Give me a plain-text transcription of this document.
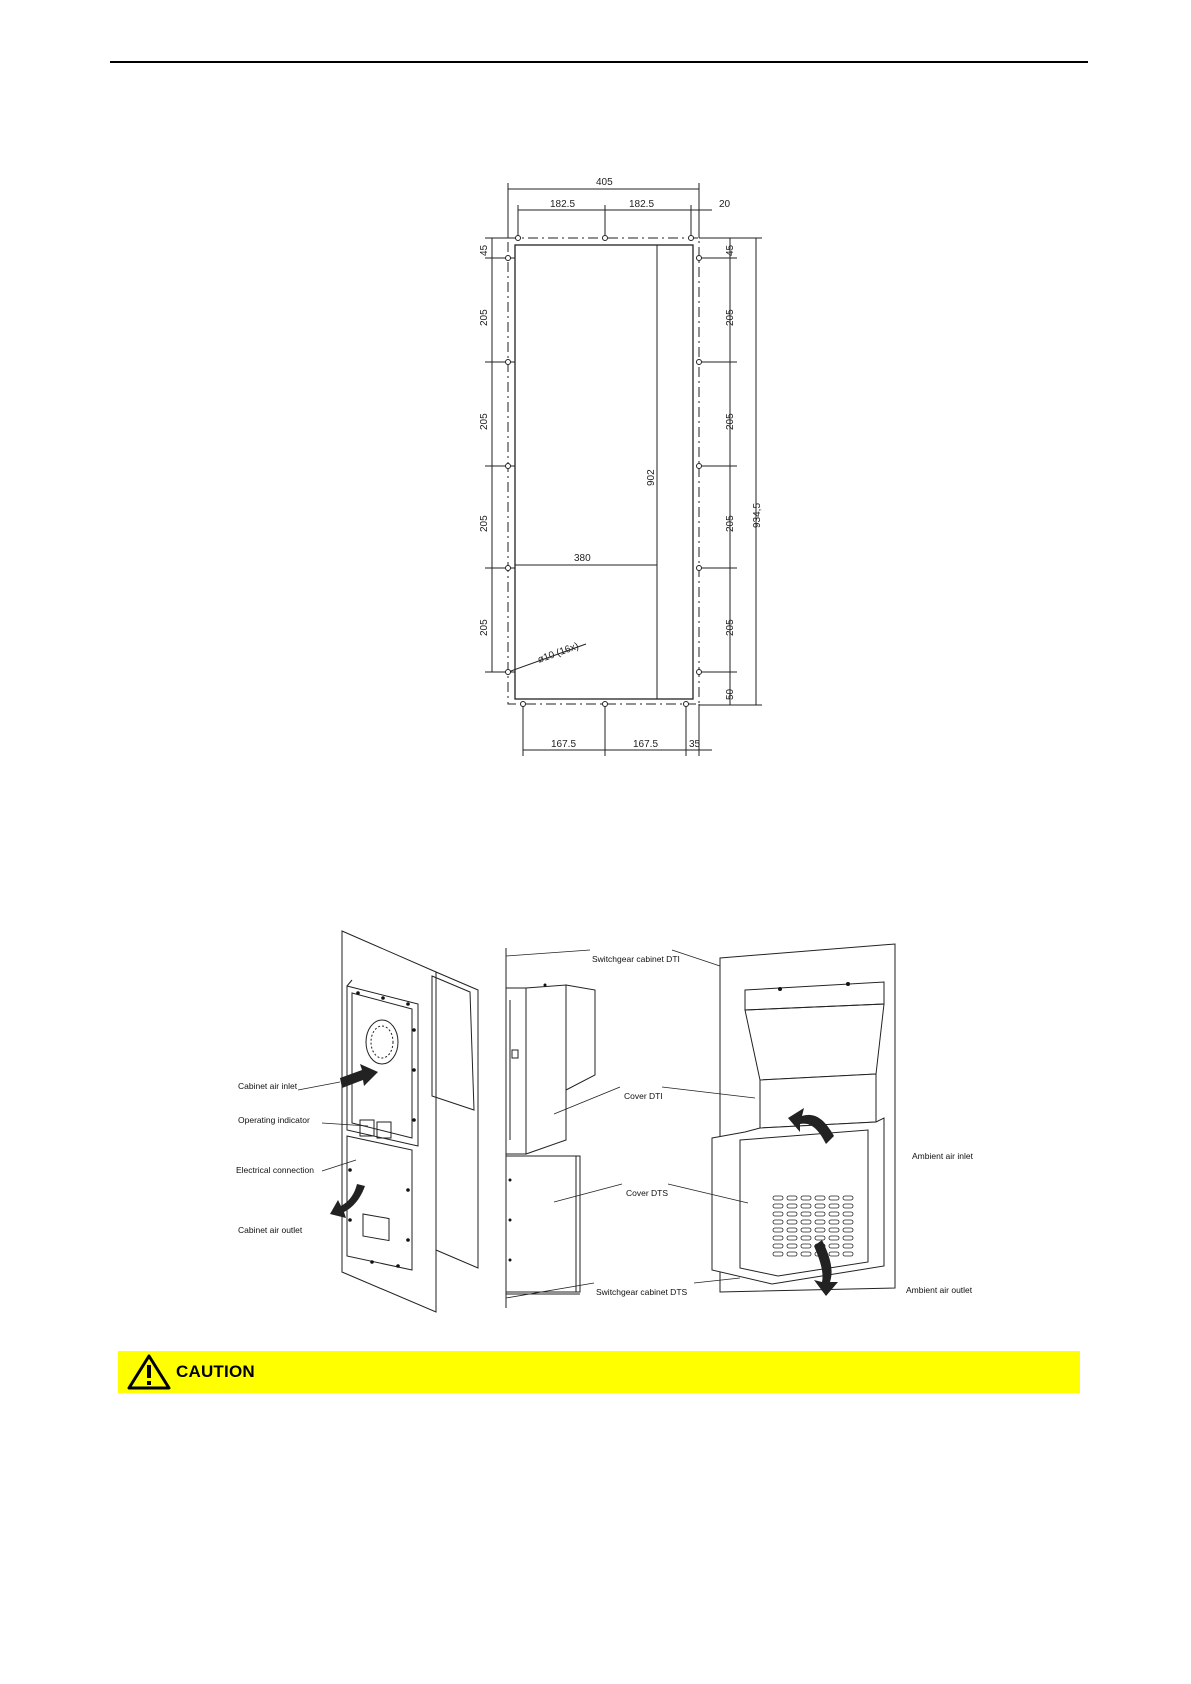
405
182.5	182.5	20
45
205
205
205
205
45
205
205
205
205
50
902
934,5
380
ø10 (16x)
167.5	167.5	35
Cabinet air inlet
Operating indicator
Electrical connection
Cabinet air outlet
Switchgear cabinet DTI
Cover DTI
Cover DTS
Switchgear cabinet DTS
Ambient air inlet
Ambient air outlet
CAUTION
